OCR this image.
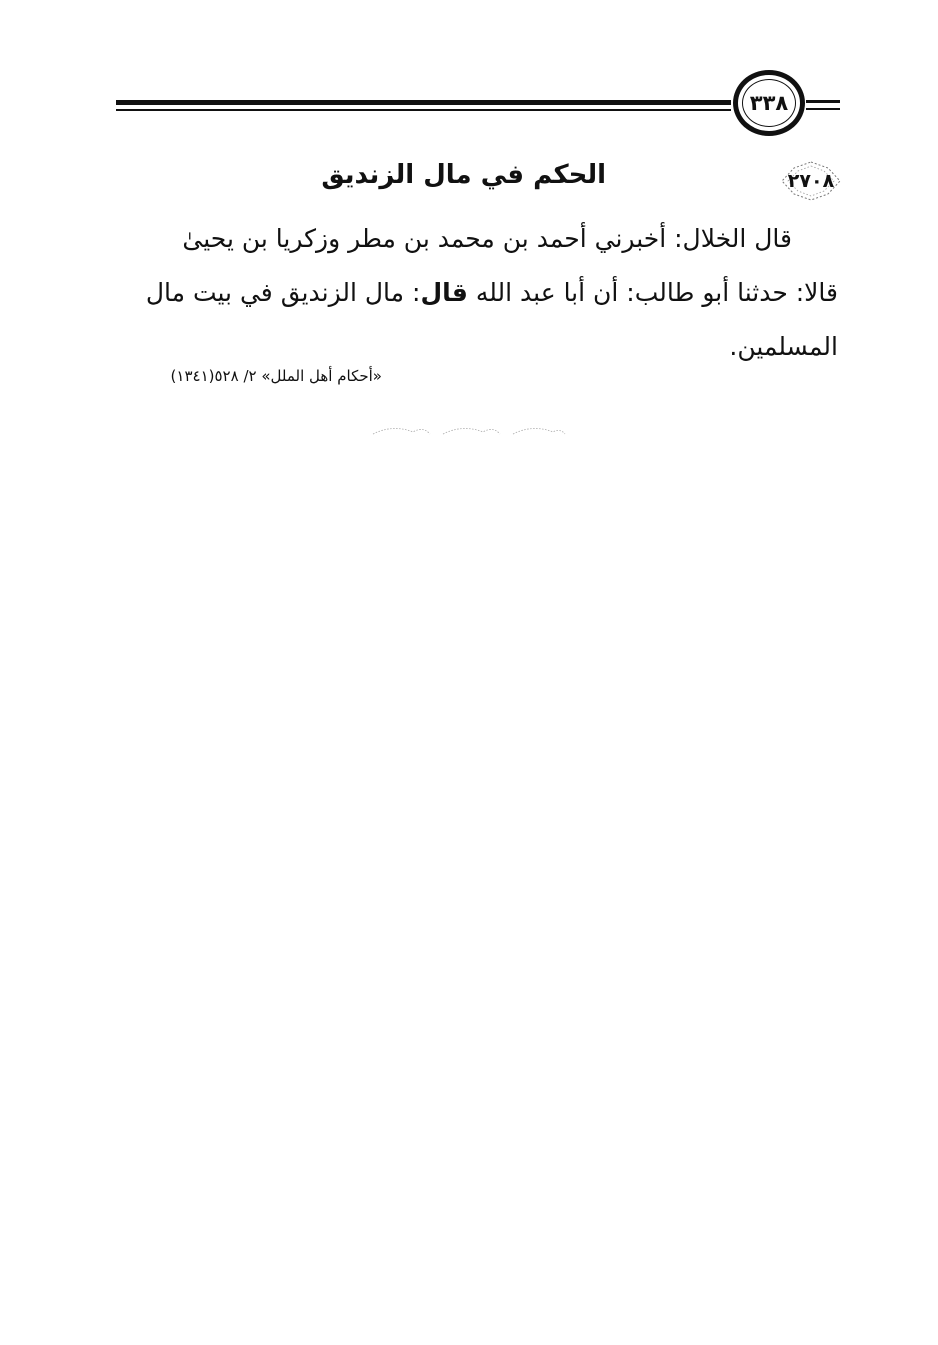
٣٣٨
٢٧٠٨
الحكم في مال الزنديق
قال الخلال: أخبرني أحمد بن محمد بن مطر وزكريا بن يحيىٰ
قالا: حدثنا أبو طالب: أن أبا عبد الله قال: مال الزنديق في بيت مال
المسلمين.
«أحكام أهل الملل» ٢/ ٥٢٨(١٣٤١)
